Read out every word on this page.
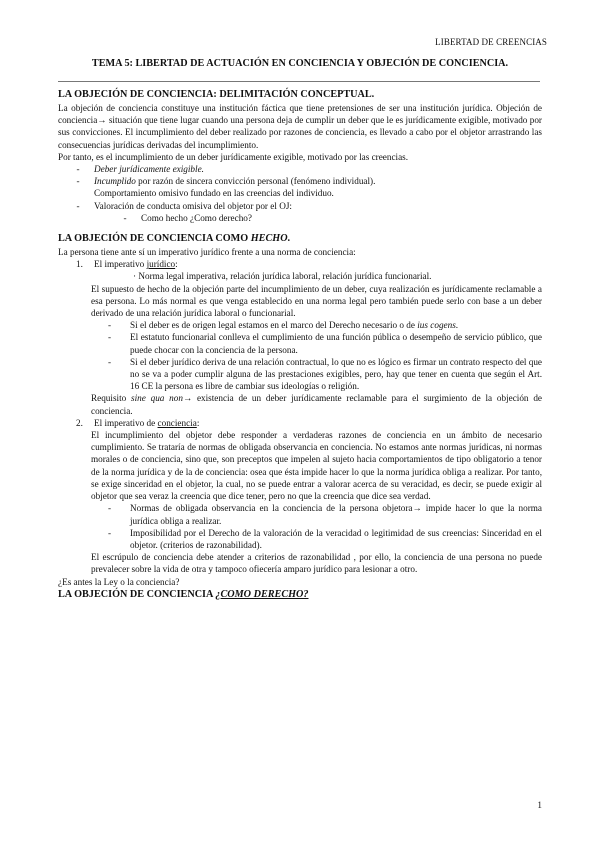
LIBERTAD DE CREENCIAS
TEMA 5: LIBERTAD DE ACTUACIÓN EN CONCIENCIA Y OBJECIÓN DE CONCIENCIA.
LA OBJECIÓN DE CONCIENCIA: DELIMITACIÓN CONCEPTUAL.

La objeción de conciencia constituye una institución fáctica que tiene pretensiones de ser una institución jurídica. Objeción de conciencia→ situación que tiene lugar cuando una persona deja de cumplir un deber que le es jurídicamente exigible, motivado por sus convicciones. El incumplimiento del deber realizado por razones de conciencia, es llevado a cabo por el objetor arrastrando las consecuencias jurídicas derivadas del incumplimiento.

Por tanto, es el incumplimiento de un deber jurídicamente exigible, motivado por las creencias.

-	Deber jurídicamente exigible.
-	Incumplido por razón de sincera convicción personal (fenómeno individual).
Comportamiento omisivo fundado en las creencias del individuo.
-	Valoración de conducta omisiva del objetor por el OJ:
-	Como hecho ¿Como derecho?
LA OBJECIÓN DE CONCIENCIA COMO HECHO.

La persona tiene ante sí un imperativo jurídico frente a una norma de conciencia:

1.	El imperativo jurídico:
· Norma legal imperativa, relación jurídica laboral, relación jurídica funcionarial.
El supuesto de hecho de la objeción parte del incumplimiento de un deber, cuya realización es jurídicamente reclamable a esa persona. Lo más normal es que venga establecido en una norma legal pero también puede serlo con base a un deber derivado de una relación jurídica laboral o funcionarial.
-	Si el deber es de origen legal estamos en el marco del Derecho necesario o de ius cogens.
-	El estatuto funcionarial conlleva el cumplimiento de una función pública o desempeño de servicio público, que puede chocar con la conciencia de la persona.
-	Si el deber jurídico deriva de una relación contractual, lo que no es lógico es firmar un contrato respecto del que no se va a poder cumplir alguna de las prestaciones exigibles, pero, hay que tener en cuenta que según el Art. 16 CE la persona es libre de cambiar sus ideologías o religión.
Requisito sine qua non→ existencia de un deber jurídicamente reclamable para el surgimiento de la objeción de conciencia.
2.	El imperativo de conciencia:
El incumplimiento del objetor debe responder a verdaderas razones de conciencia en un ámbito de necesario cumplimiento. Se trataría de normas de obligada observancia en conciencia. No estamos ante normas jurídicas, ni normas morales o de conciencia, sino que, son preceptos que impelen al sujeto hacia comportamientos de tipo obligatorio a tenor de la norma jurídica y de la de conciencia: osea que ésta impide hacer lo que la norma jurídica obliga a realizar. Por tanto, se exige sinceridad en el objetor, la cual, no se puede entrar a valorar acerca de su veracidad, es decir, se puede exigir al objetor que sea veraz la creencia que dice tener, pero no que la creencia que dice sea verdad.
-	Normas de obligada observancia en la conciencia de la persona objetora→ impide hacer lo que la norma jurídica obliga a realizar.
-	Imposibilidad por el Derecho de la valoración de la veracidad o legitimidad de sus creencias: Sinceridad en el objetor. (criterios de razonabilidad).
El escrúpulo de conciencia debe atender a criterios de razonabilidad , por ello, la conciencia de una persona no puede prevalecer sobre la vida de otra y tampoco ofiecería amparo jurídico para lesionar a otro.

¿Es antes la Ley o la conciencia?

LA OBJECIÓN DE CONCIENCIA ¿COMO DERECHO?
1
